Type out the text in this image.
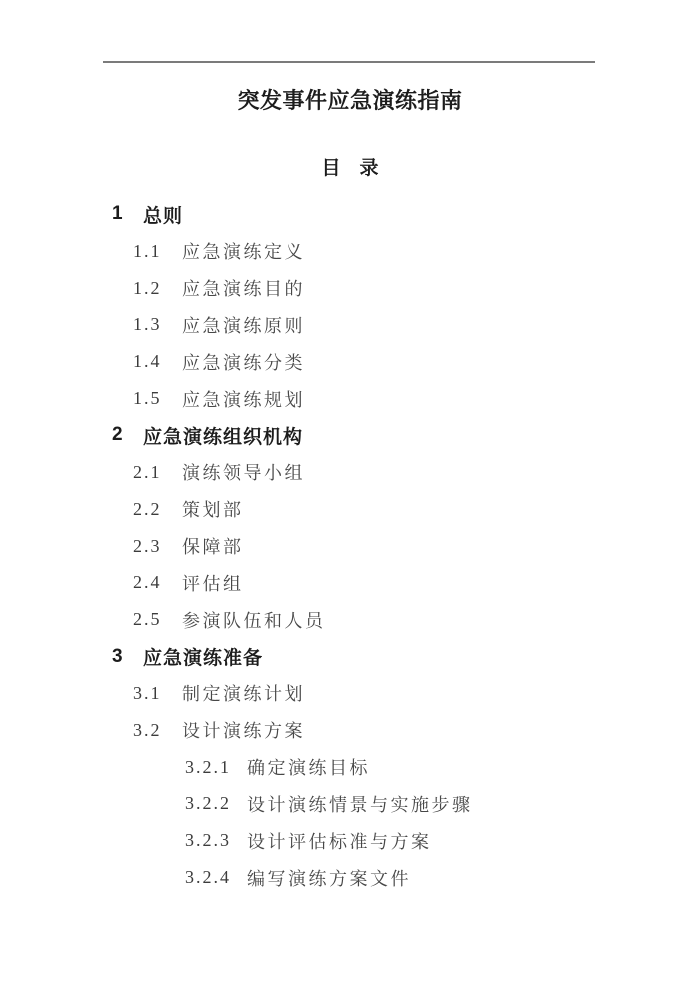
突发事件应急演练指南
目　录
1	总则
1.1	应急演练定义
1.2	应急演练目的
1.3	应急演练原则
1.4	应急演练分类
1.5	应急演练规划
2	应急演练组织机构
2.1	演练领导小组
2.2	策划部
2.3	保障部
2.4	评估组
2.5	参演队伍和人员
3	应急演练准备
3.1	制定演练计划
3.2	设计演练方案
3.2.1 确定演练目标
3.2.2 设计演练情景与实施步骤
3.2.3 设计评估标准与方案
3.2.4 编写演练方案文件
